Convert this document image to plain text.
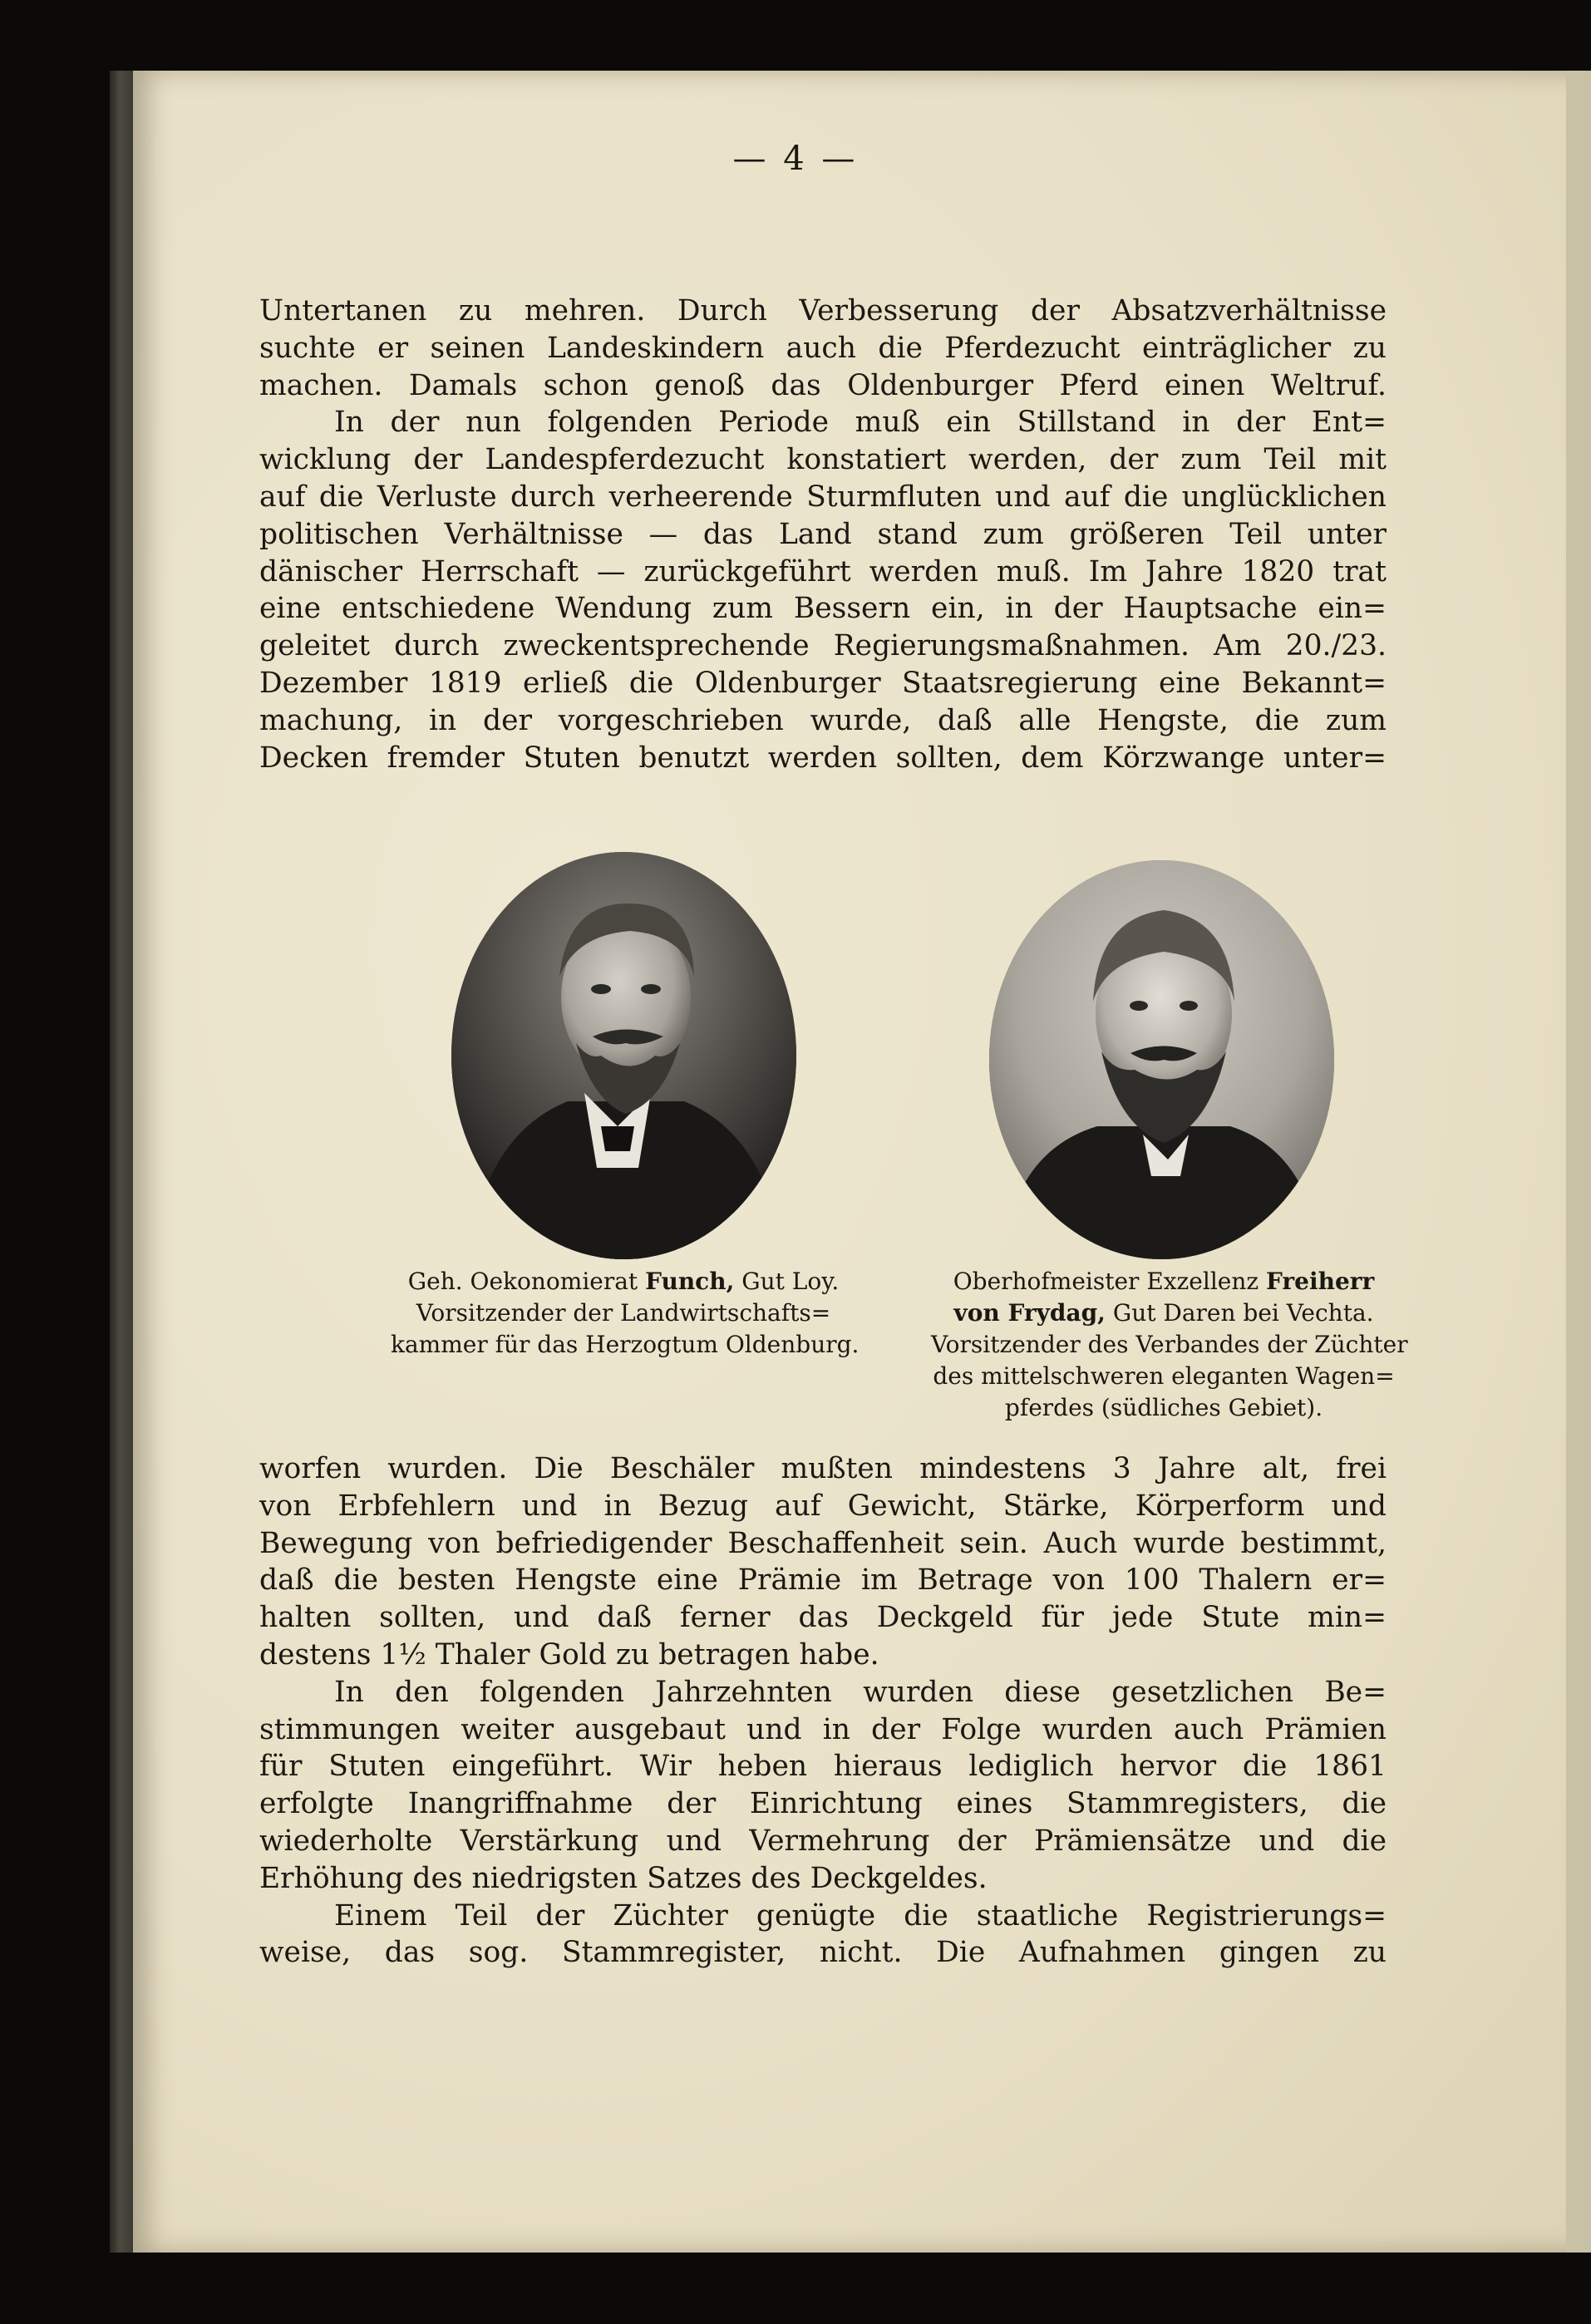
— 4 —
Untertanen zu mehren. Durch Verbesserung der Absatzverhältnisse
suchte er seinen Landeskindern auch die Pferdezucht einträglicher zu
machen. Damals schon genoß das Oldenburger Pferd einen Weltruf.
In der nun folgenden Periode muß ein Stillstand in der Ent=
wicklung der Landespferdezucht konstatiert werden, der zum Teil mit
auf die Verluste durch verheerende Sturmfluten und auf die unglücklichen
politischen Verhältnisse — das Land stand zum größeren Teil unter
dänischer Herrschaft — zurückgeführt werden muß. Im Jahre 1820 trat
eine entschiedene Wendung zum Bessern ein, in der Hauptsache ein=
geleitet durch zweckentsprechende Regierungsmaßnahmen. Am 20./23.
Dezember 1819 erließ die Oldenburger Staatsregierung eine Bekannt=
machung, in der vorgeschrieben wurde, daß alle Hengste, die zum
Decken fremder Stuten benutzt werden sollten, dem Körzwange unter=
Geh. Oekonomierat Funch, Gut Loy.
Vorsitzender der Landwirtschafts=
kammer für das Herzogtum Oldenburg.
Oberhofmeister Exzellenz Freiherr
von Frydag, Gut Daren bei Vechta.
Vorsitzender des Verbandes der Züchter
des mittelschweren eleganten Wagen=
pferdes (südliches Gebiet).
worfen wurden. Die Beschäler mußten mindestens 3 Jahre alt, frei
von Erbfehlern und in Bezug auf Gewicht, Stärke, Körperform und
Bewegung von befriedigender Beschaffenheit sein. Auch wurde bestimmt,
daß die besten Hengste eine Prämie im Betrage von 100 Thalern er=
halten sollten, und daß ferner das Deckgeld für jede Stute min=
destens 1½ Thaler Gold zu betragen habe.
In den folgenden Jahrzehnten wurden diese gesetzlichen Be=
stimmungen weiter ausgebaut und in der Folge wurden auch Prämien
für Stuten eingeführt. Wir heben hieraus lediglich hervor die 1861
erfolgte Inangriffnahme der Einrichtung eines Stammregisters, die
wiederholte Verstärkung und Vermehrung der Prämiensätze und die
Erhöhung des niedrigsten Satzes des Deckgeldes.
Einem Teil der Züchter genügte die staatliche Registrierungs=
weise, das sog. Stammregister, nicht. Die Aufnahmen gingen zu
